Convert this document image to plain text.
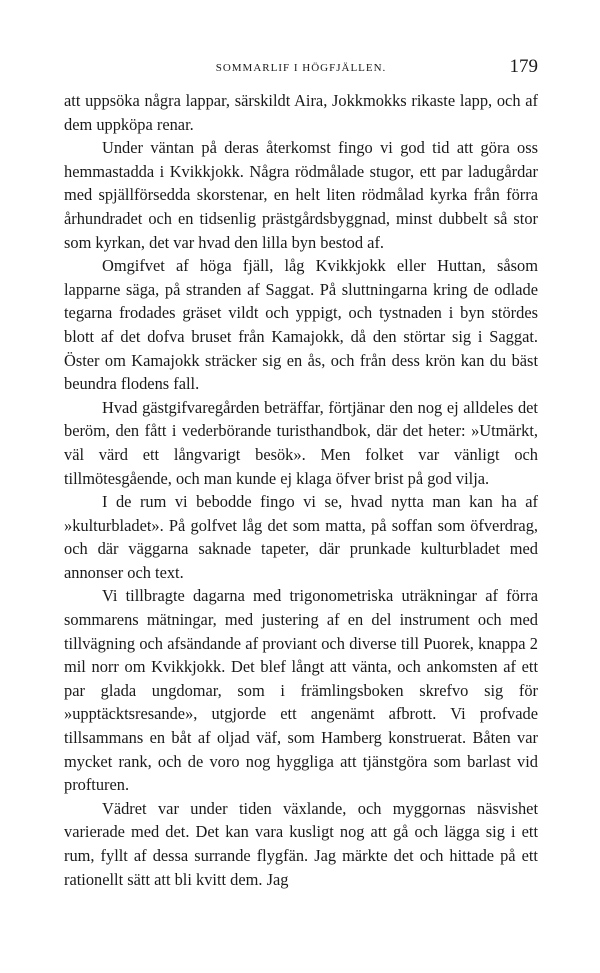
SOMMARLIF I HÖGFJÄLLEN.	179

att uppsöka några lappar, särskildt Aira, Jokkmokks rikaste lapp, och af dem uppköpa renar.

Under väntan på deras återkomst fingo vi god tid att göra oss hemmastadda i Kvikkjokk. Några rödmålade stugor, ett par ladugårdar med spjällförsedda skorstenar, en helt liten rödmålad kyrka från förra århundradet och en tidsenlig prästgårdsbyggnad, minst dubbelt så stor som kyrkan, det var hvad den lilla byn bestod af.

Omgifvet af höga fjäll, låg Kvikkjokk eller Huttan, såsom lapparne säga, på stranden af Saggat. På sluttningarna kring de odlade tegarna frodades gräset vildt och yppigt, och tystnaden i byn stördes blott af det dofva bruset från Kamajokk, då den störtar sig i Saggat. Öster om Kamajokk sträcker sig en ås, och från dess krön kan du bäst beundra flodens fall.

Hvad gästgifvaregården beträffar, förtjänar den nog ej alldeles det beröm, den fått i vederbörande turisthandbok, där det heter: »Utmärkt, väl värd ett långvarigt besök». Men folket var vänligt och tillmötesgående, och man kunde ej klaga öfver brist på god vilja.

I de rum vi bebodde fingo vi se, hvad nytta man kan ha af »kulturbladet». På golfvet låg det som matta, på soffan som öfverdrag, och där väggarna saknade tapeter, där prunkade kulturbladet med annonser och text.

Vi tillbragte dagarna med trigonometriska uträkningar af förra sommarens mätningar, med justering af en del instrument och med tillvägning och afsändande af proviant och diverse till Puorek, knappa 2 mil norr om Kvikkjokk. Det blef långt att vänta, och ankomsten af ett par glada ungdomar, som i främlingsboken skrefvo sig för »upptäcktsresande», utgjorde ett angenämt afbrott. Vi profvade tillsammans en båt af oljad väf, som Hamberg konstruerat. Båten var mycket rank, och de voro nog hyggliga att tjänstgöra som barlast vid profturen.

Vädret var under tiden växlande, och myggornas näsvishet varierade med det. Det kan vara kusligt nog att gå och lägga sig i ett rum, fyllt af dessa surrande flygfän. Jag märkte det och hittade på ett rationellt sätt att bli kvitt dem. Jag
